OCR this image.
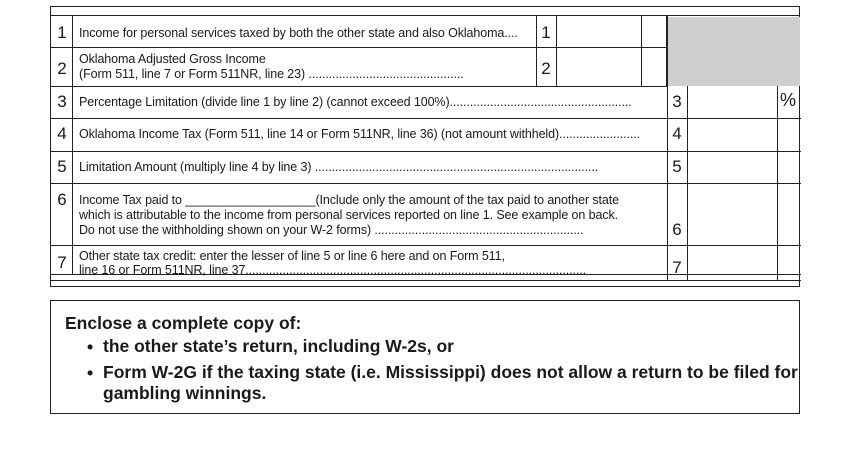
1 Income for personal services taxed by both the other state and also Oklahoma....	1
2 Oklahoma Adjusted Gross Income
(Form 511, line 7 or Form 511NR, line 23) ..............................................	2
3 Percentage Limitation (divide line 1 by line 2) (cannot exceed 100%)......................................................	3	%
4 Oklahoma Income Tax (Form 511, line 14 or Form 511NR, line 36) (not amount withheld)........................	4
5 Limitation Amount (multiply line 4 by line 3) ....................................................................................	5
6 Income Tax paid to ___________________(Include only the amount of the tax paid to another state
which is attributable to the income from personal services reported on line 1. See example on back.
Do not use the withholding shown on your W-2 forms) ..............................................................	6
7 Other state tax credit: enter the lesser of line 5 or line 6 here and on Form 511,
line 16 or Form 511NR, line 37.....................................................................................................	7
Enclose a complete copy of:
• the other state’s return, including W-2s, or
• Form W-2G if the taxing state (i.e. Mississippi) does not allow a return to be filed for
gambling winnings.
